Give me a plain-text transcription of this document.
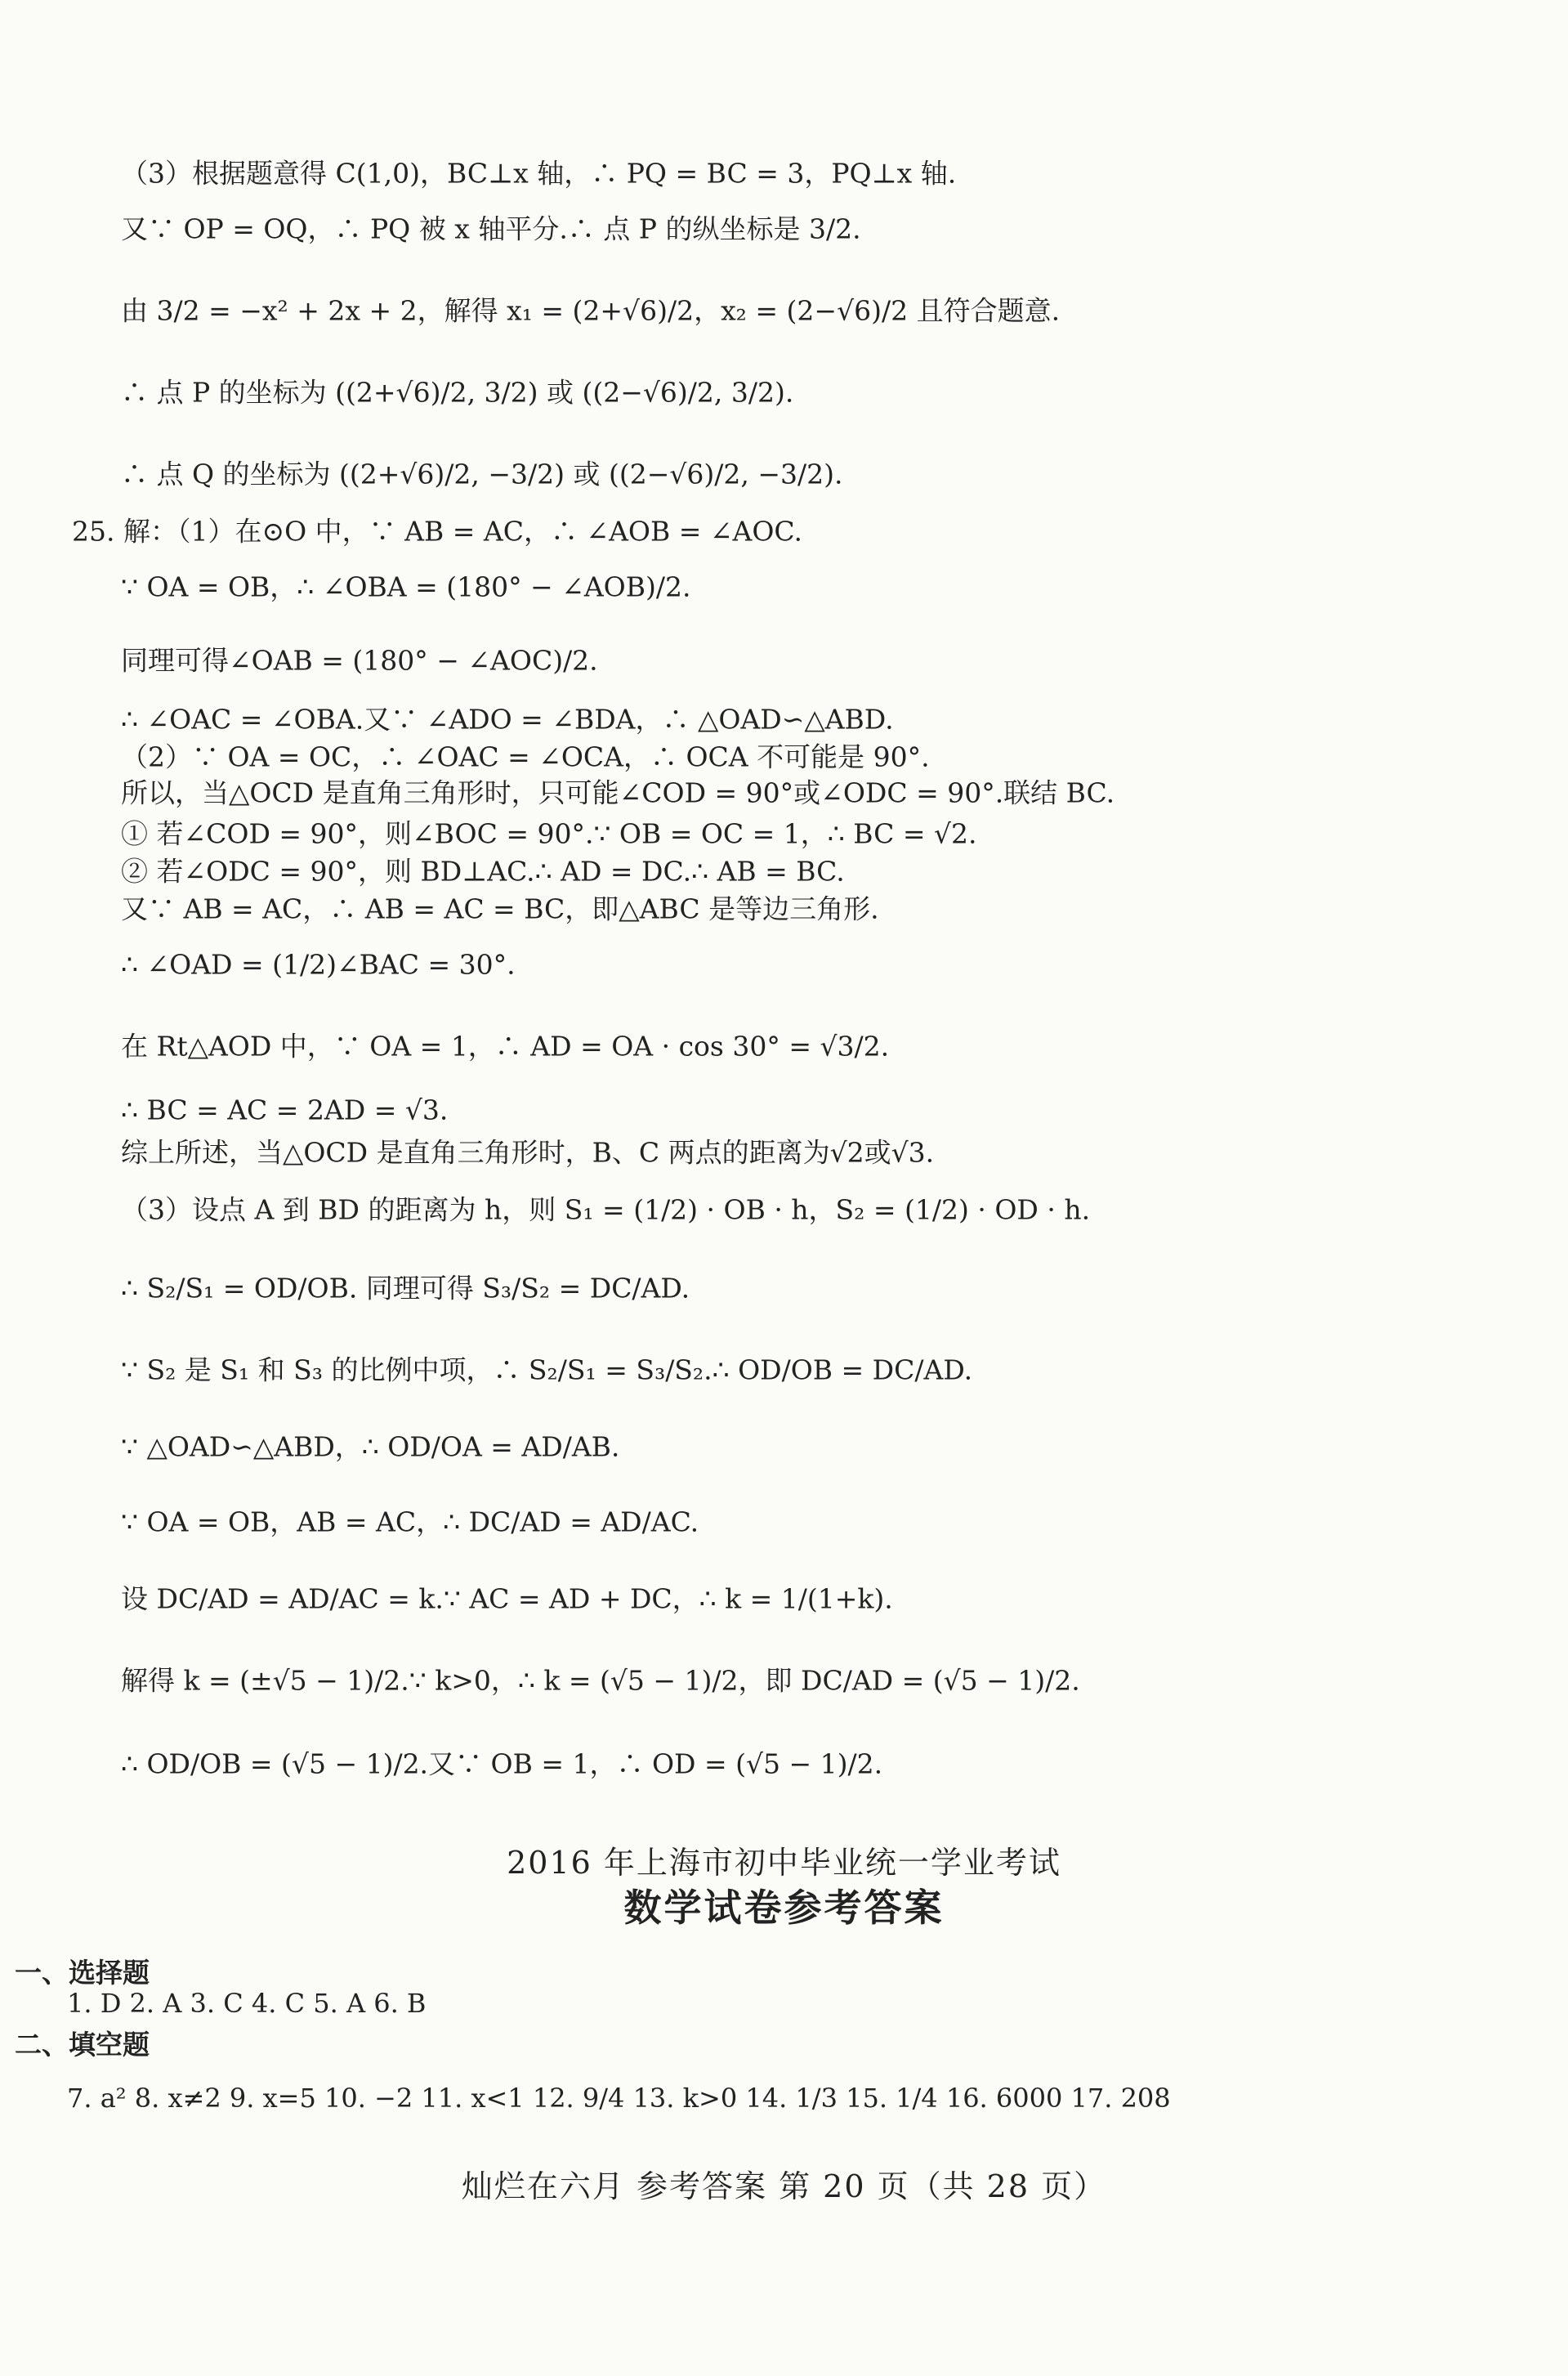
（3）根据题意得 C(1,0)，BC⊥x 轴，∴ PQ = BC = 3，PQ⊥x 轴.
又∵ OP = OQ，∴ PQ 被 x 轴平分.∴ 点 P 的纵坐标是 3/2.
由 3/2 = −x² + 2x + 2，解得 x₁ = (2+√6)/2，x₂ = (2−√6)/2 且符合题意.
∴ 点 P 的坐标为 ((2+√6)/2, 3/2) 或 ((2−√6)/2, 3/2).
∴ 点 Q 的坐标为 ((2+√6)/2, −3/2) 或 ((2−√6)/2, −3/2).
25. 解：（1）在⊙O 中，∵ AB = AC，∴ ∠AOB = ∠AOC.
∵ OA = OB，∴ ∠OBA = (180° − ∠AOB)/2.
同理可得∠OAB = (180° − ∠AOC)/2.
∴ ∠OAC = ∠OBA.又∵ ∠ADO = ∠BDA，∴ △OAD∽△ABD.
（2）∵ OA = OC，∴ ∠OAC = ∠OCA，∴ OCA 不可能是 90°.
所以，当△OCD 是直角三角形时，只可能∠COD = 90°或∠ODC = 90°.联结 BC.
① 若∠COD = 90°，则∠BOC = 90°.∵ OB = OC = 1，∴ BC = √2.
② 若∠ODC = 90°，则 BD⊥AC.∴ AD = DC.∴ AB = BC.
又∵ AB = AC，∴ AB = AC = BC，即△ABC 是等边三角形.
∴ ∠OAD = (1/2)∠BAC = 30°.
在 Rt△AOD 中，∵ OA = 1，∴ AD = OA · cos 30° = √3/2.
∴ BC = AC = 2AD = √3.
综上所述，当△OCD 是直角三角形时，B、C 两点的距离为√2或√3.
（3）设点 A 到 BD 的距离为 h，则 S₁ = (1/2) · OB · h，S₂ = (1/2) · OD · h.
∴ S₂/S₁ = OD/OB. 同理可得 S₃/S₂ = DC/AD.
∵ S₂ 是 S₁ 和 S₃ 的比例中项，∴ S₂/S₁ = S₃/S₂.∴ OD/OB = DC/AD.
∵ △OAD∽△ABD，∴ OD/OA = AD/AB.
∵ OA = OB，AB = AC，∴ DC/AD = AD/AC.
设 DC/AD = AD/AC = k.∵ AC = AD + DC，∴ k = 1/(1+k).
解得 k = (±√5 − 1)/2.∵ k>0，∴ k = (√5 − 1)/2，即 DC/AD = (√5 − 1)/2.
∴ OD/OB = (√5 − 1)/2.又∵ OB = 1，∴ OD = (√5 − 1)/2.
2016 年上海市初中毕业统一学业考试
数学试卷参考答案
一、选择题
1. D 2. A 3. C 4. C 5. A 6. B
二、填空题
7. a² 8. x≠2 9. x=5 10. −2 11. x<1 12. 9/4 13. k>0 14. 1/3 15. 1/4 16. 6000 17. 208
灿烂在六月 参考答案 第 20 页（共 28 页）
